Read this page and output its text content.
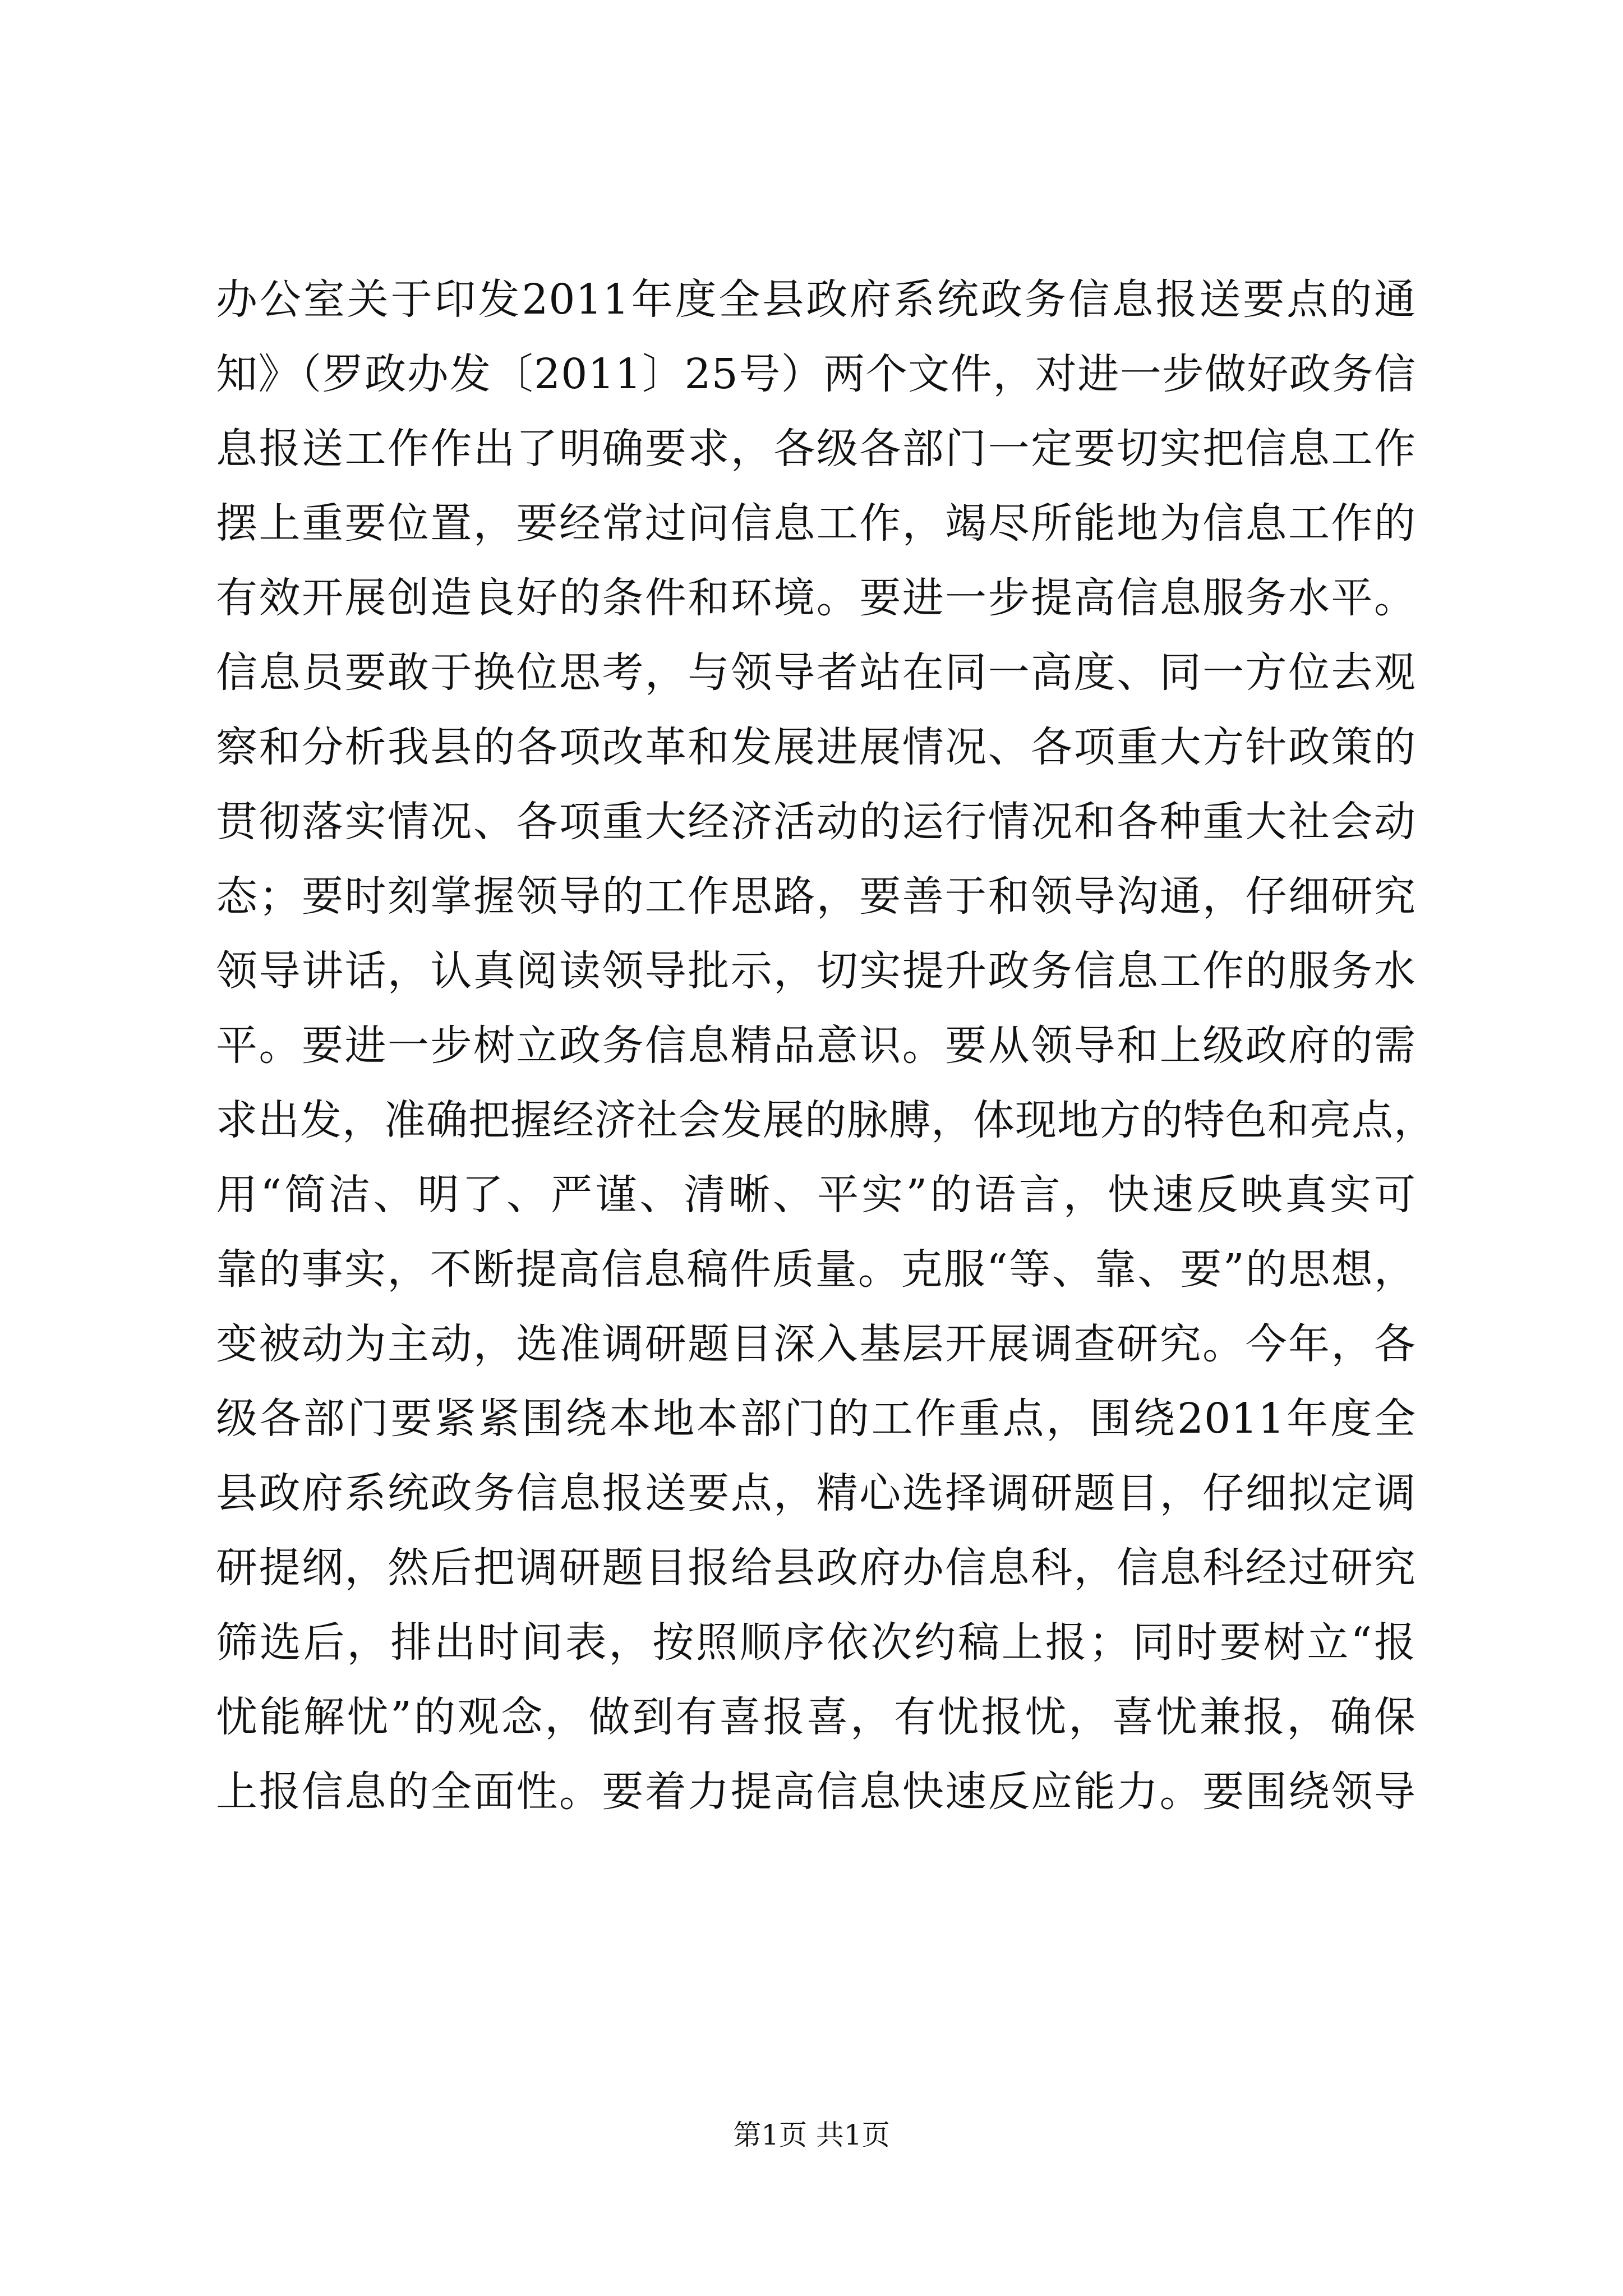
办公室关于印发2011年度全县政府系统政务信息报送要点的通
知》（罗政办发〔2011〕25号）两个文件，对进一步做好政务信
息报送工作作出了明确要求，各级各部门一定要切实把信息工作
摆上重要位置，要经常过问信息工作，竭尽所能地为信息工作的
有效开展创造良好的条件和环境。要进一步提高信息服务水平。
信息员要敢于换位思考，与领导者站在同一高度、同一方位去观
察和分析我县的各项改革和发展进展情况、各项重大方针政策的
贯彻落实情况、各项重大经济活动的运行情况和各种重大社会动
态；要时刻掌握领导的工作思路，要善于和领导沟通，仔细研究
领导讲话，认真阅读领导批示，切实提升政务信息工作的服务水
平。要进一步树立政务信息精品意识。要从领导和上级政府的需
求出发，准确把握经济社会发展的脉膊，体现地方的特色和亮点，
用“简洁、明了、严谨、清晰、平实”的语言，快速反映真实可
靠的事实，不断提高信息稿件质量。克服“等、靠、要”的思想，
变被动为主动，选准调研题目深入基层开展调查研究。今年，各
级各部门要紧紧围绕本地本部门的工作重点，围绕2011年度全
县政府系统政务信息报送要点，精心选择调研题目，仔细拟定调
研提纲，然后把调研题目报给县政府办信息科，信息科经过研究
筛选后，排出时间表，按照顺序依次约稿上报；同时要树立“报
忧能解忧”的观念，做到有喜报喜，有忧报忧，喜忧兼报，确保
上报信息的全面性。要着力提高信息快速反应能力。要围绕领导
第1页 共1页
